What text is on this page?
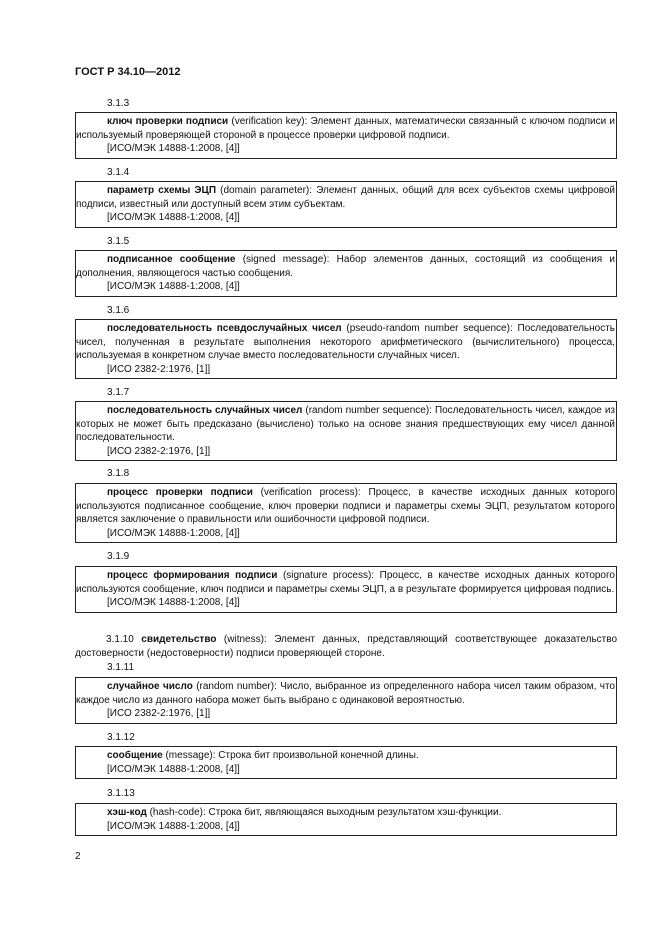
ГОСТ Р 34.10—2012
3.1.3

ключ проверки подписи (verification key): Элемент данных, математически связанный с ключом подписи и используемый проверяющей стороной в процессе проверки цифровой подписи.

[ИСО/МЭК 14888-1:2008, [4]]

3.1.4

параметр схемы ЭЦП (domain parameter): Элемент данных, общий для всех субъектов схемы цифровой подписи, известный или доступный всем этим субъектам.

[ИСО/МЭК 14888-1:2008, [4]]

3.1.5

подписанное сообщение (signed message): Набор элементов данных, состоящий из сообщения и дополнения, являющегося частью сообщения.

[ИСО/МЭК 14888-1:2008, [4]]

3.1.6

последовательность псевдослучайных чисел (pseudo-random number sequence): Последовательность чисел, полученная в результате выполнения некоторого арифметического (вычислительного) процесса, используемая в конкретном случае вместо последовательности случайных чисел.

[ИСО 2382-2:1976, [1]]

3.1.7

последовательность случайных чисел (random number sequence): Последовательность чисел, каждое из которых не может быть предсказано (вычислено) только на основе знания предшествующих ему чисел данной последовательности.

[ИСО 2382-2:1976, [1]]

3.1.8

процесс проверки подписи (verification process): Процесс, в качестве исходных данных которого используются подписанное сообщение, ключ проверки подписи и параметры схемы ЭЦП, результатом которого является заключение о правильности или ошибочности цифровой подписи.

[ИСО/МЭК 14888-1:2008, [4]]

3.1.9

процесс формирования подписи (signature process): Процесс, в качестве исходных данных которого используются сообщение, ключ подписи и параметры схемы ЭЦП, а в результате формируется цифровая подпись.

[ИСО/МЭК 14888-1:2008, [4]]

3.1.10 свидетельство (witness): Элемент данных, представляющий соответствующее доказательство достоверности (недостоверности) подписи проверяющей стороне.

3.1.11

случайное число (random number): Число, выбранное из определенного набора чисел таким образом, что каждое число из данного набора может быть выбрано с одинаковой вероятностью.

[ИСО 2382-2:1976, [1]]

3.1.12

сообщение (message): Строка бит произвольной конечной длины.

[ИСО/МЭК 14888-1:2008, [4]]

3.1.13

хэш-код (hash-code): Строка бит, являющаяся выходным результатом хэш-функции.

[ИСО/МЭК 14888-1:2008, [4]]

2
